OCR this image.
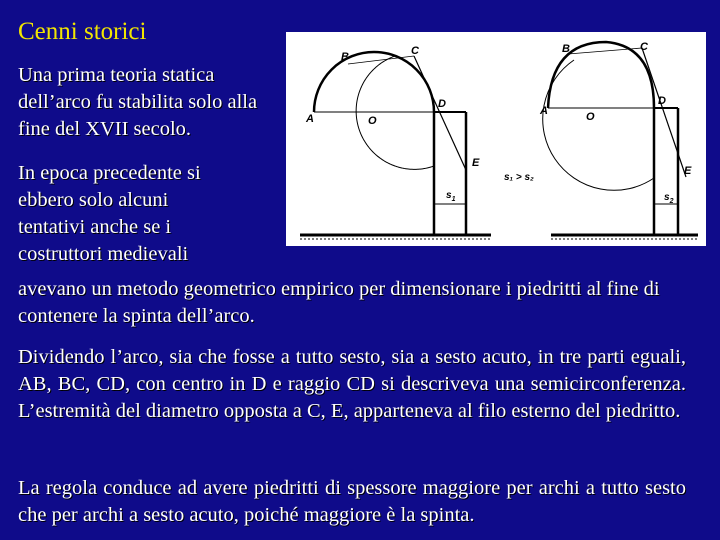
Cenni storici
Una prima teoria statica dell’arco fu stabilita solo alla fine del XVII secolo.
In epoca precedente si
ebbero solo alcuni
tentativi anche se i
costruttori medievali
avevano un metodo geometrico empirico per dimensionare i piedritti al fine di contenere la spinta dell’arco.
Dividendo l’arco, sia che fosse a tutto sesto, sia a sesto acuto, in tre parti eguali, AB, BC, CD, con centro in D e raggio CD si descriveva una semicirconferenza. L’estremità del diametro opposta a C, E, apparteneva al filo esterno del piedritto.
La regola conduce ad avere piedritti di spessore maggiore per archi a tutto sesto che per archi a sesto acuto, poiché maggiore è la spinta.
B	C
A	O
D
E
$s_1$
B	C
A	O
D
E
$s_2$
s₁ > s₂
